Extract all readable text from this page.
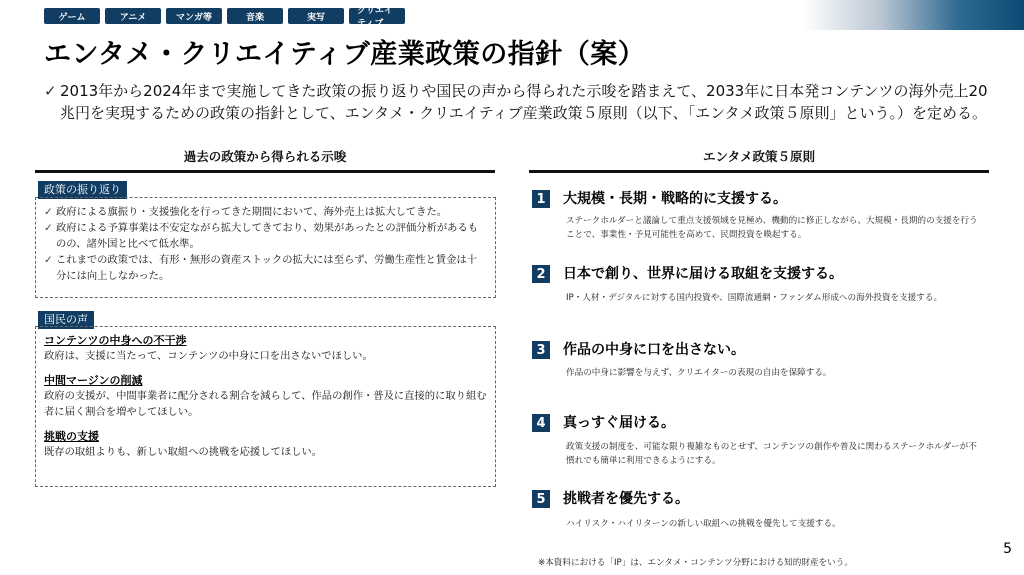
ゲーム	アニメ	マンガ等	音楽	実写
クリエイティブ
エンタメ・クリエイティブ産業政策の指針（案）
✓ 2013年から2024年まで実施してきた政策の振り返りや国民の声から得られた示唆を踏まえて、2033年に日本発コンテンツの海外売上20兆円を実現するための政策の指針として、エンタメ・クリエイティブ産業政策５原則（以下、「エンタメ政策５原則」という。）を定める。
過去の政策から得られる示唆
政策の振り返り
✓ 政府による旗振り・支援強化を行ってきた期間において、海外売上は拡大してきた。
✓ 政府による予算事業は不安定ながら拡大してきており、効果があったとの評価分析があるものの、諸外国と比べて低水準。
✓ これまでの政策では、有形・無形の資産ストックの拡大には至らず、労働生産性と賃金は十分には向上しなかった。
国民の声
コンテンツの中身への不干渉
政府は、支援に当たって、コンテンツの中身に口を出さないでほしい。
中間マージンの削減
政府の支援が、中間事業者に配分される割合を減らして、作品の創作・普及に直接的に取り組む者に届く割合を増やしてほしい。
挑戦の支援
既存の取組よりも、新しい取組への挑戦を応援してほしい。
エンタメ政策５原則
1	大規模・長期・戦略的に支援する。
ステークホルダーと議論して重点支援領域を見極め、機動的に修正しながら、大規模・長期的の支援を行うことで、事業性・予見可能性を高めて、民間投資を喚起する。
2	日本で創り、世界に届ける取組を支援する。
IP・人材・デジタルに対する国内投資や、国際流通網・ファンダム形成への海外投資を支援する。
3	作品の中身に口を出さない。
作品の中身に影響を与えず、クリエイターの表現の自由を保障する。
4	真っすぐ届ける。
政策支援の制度を、可能な限り複雑なものとせず、コンテンツの創作や普及に関わるステークホルダーが不慣れでも簡単に利用できるようにする。
5	挑戦者を優先する。
ハイリスク・ハイリターンの新しい取組への挑戦を優先して支援する。
※本資料における「IP」は、エンタメ・コンテンツ分野における知的財産をいう。
5
